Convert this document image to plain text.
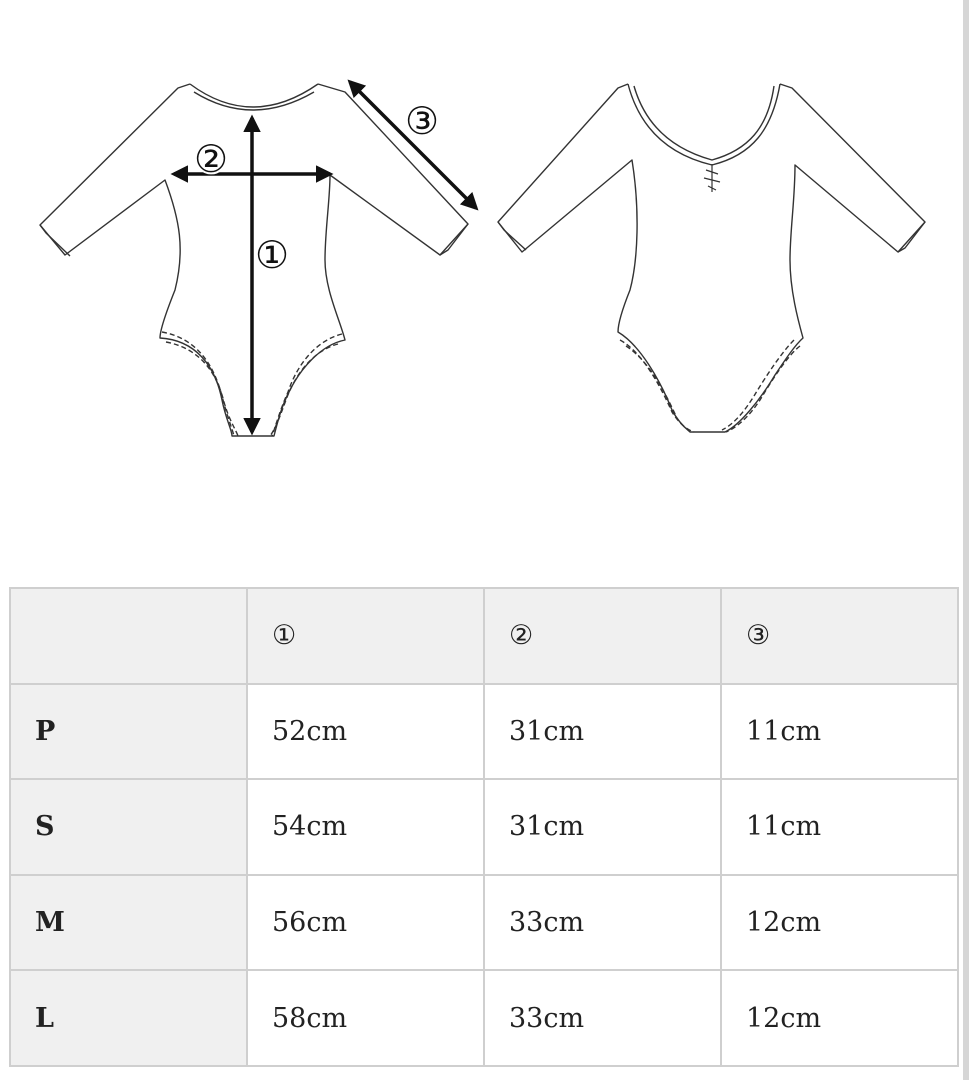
①
②
③
	①	②	③
P	52cm	31cm	11cm
S	54cm	31cm	11cm
M	56cm	33cm	12cm
L	58cm	33cm	12cm
